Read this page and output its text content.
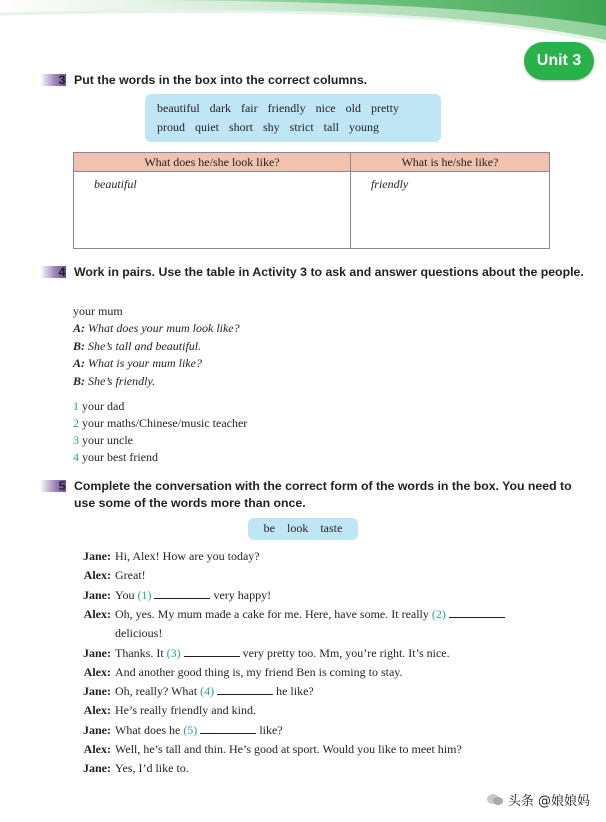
Unit 3
3 Put the words in the box into the correct columns.
beautiful dark fair friendly nice old pretty
proud quiet short shy strict tall young
What does he/she look like?	What is he/she like?
beautiful	friendly
4 Work in pairs. Use the table in Activity 3 to ask and answer questions about the people.
your mum
A: What does your mum look like?
B: She’s tall and beautiful.
A: What is your mum like?
B: She’s friendly.
1 your dad
2 your maths/Chinese/music teacher
3 your uncle
4 your best friend
5 Complete the conversation with the correct form of the words in the box. You need to use some of the words more than once.
be look taste
Jane: Hi, Alex! How are you today?
Alex: Great!
Jane: You (1)	very happy!
Alex: Oh, yes. My mum made a cake for me. Here, have some. It really (2)
delicious!
Jane: Thanks. It (3)	very pretty too. Mm, you’re right. It’s nice.
Alex: And another good thing is, my friend Ben is coming to stay.
Jane: Oh, really? What (4)	he like?
Alex: He’s really friendly and kind.
Jane: What does he (5)	like?
Alex: Well, he’s tall and thin. He’s good at sport. Would you like to meet him?
Jane: Yes, I’d like to.
头条 @娘娘妈
